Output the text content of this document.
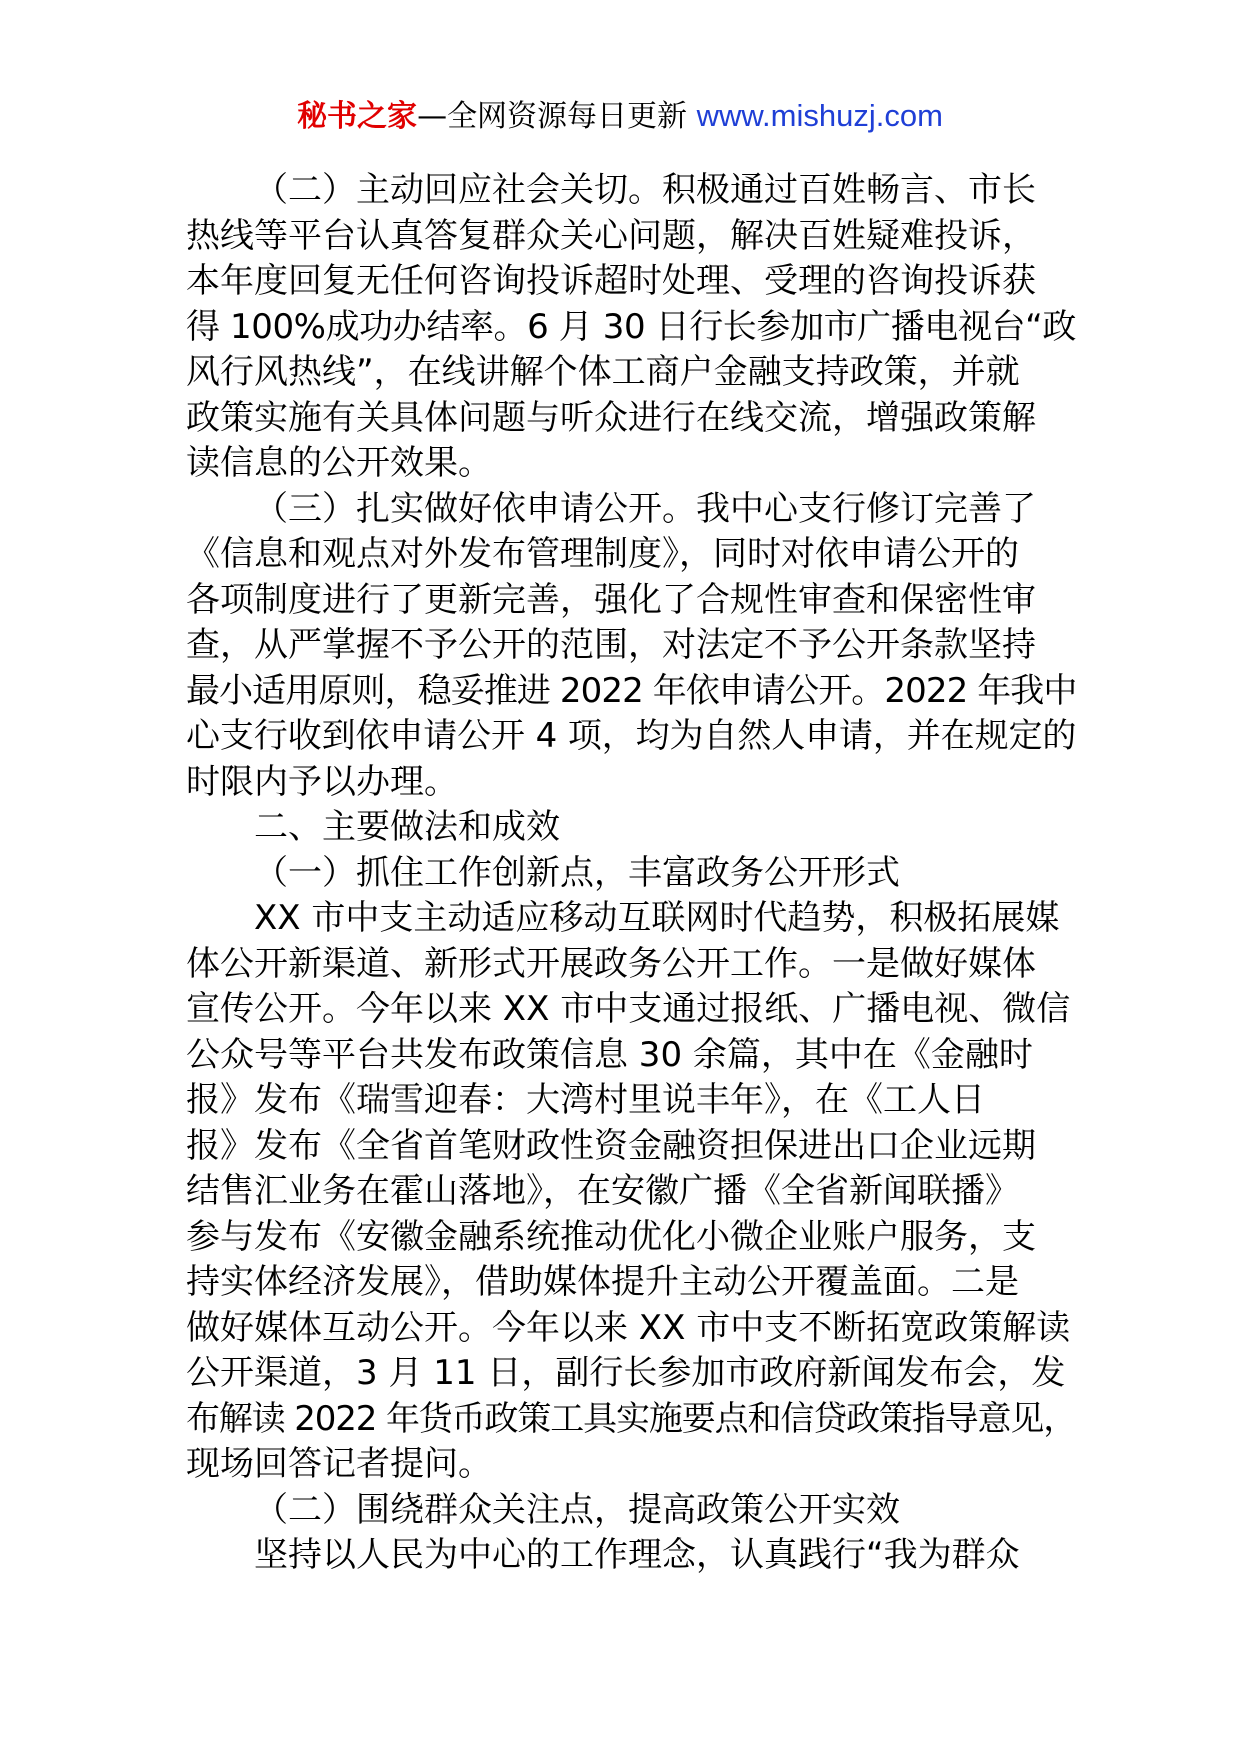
秘书之家—全网资源每日更新 www.mishuzj.com
（二）主动回应社会关切。积极通过百姓畅言、市长
热线等平台认真答复群众关心问题，解决百姓疑难投诉，
本年度回复无任何咨询投诉超时处理、受理的咨询投诉获
得 100%成功办结率。6 月 30 日行长参加市广播电视台“政
风行风热线”，在线讲解个体工商户金融支持政策，并就
政策实施有关具体问题与听众进行在线交流，增强政策解
读信息的公开效果。
（三）扎实做好依申请公开。我中心支行修订完善了
《信息和观点对外发布管理制度》，同时对依申请公开的
各项制度进行了更新完善，强化了合规性审查和保密性审
查，从严掌握不予公开的范围，对法定不予公开条款坚持
最小适用原则，稳妥推进 2022 年依申请公开。2022 年我中
心支行收到依申请公开 4 项，均为自然人申请，并在规定的
时限内予以办理。
二、主要做法和成效
（一）抓住工作创新点，丰富政务公开形式
XX 市中支主动适应移动互联网时代趋势，积极拓展媒
体公开新渠道、新形式开展政务公开工作。一是做好媒体
宣传公开。今年以来 XX 市中支通过报纸、广播电视、微信
公众号等平台共发布政策信息 30 余篇，其中在《金融时
报》发布《瑞雪迎春：大湾村里说丰年》，在《工人日
报》发布《全省首笔财政性资金融资担保进出口企业远期
结售汇业务在霍山落地》，在安徽广播《全省新闻联播》
参与发布《安徽金融系统推动优化小微企业账户服务，支
持实体经济发展》，借助媒体提升主动公开覆盖面。二是
做好媒体互动公开。今年以来 XX 市中支不断拓宽政策解读
公开渠道，3 月 11 日，副行长参加市政府新闻发布会，发
布解读 2022 年货币政策工具实施要点和信贷政策指导意见，
现场回答记者提问。
（二）围绕群众关注点，提高政策公开实效
坚持以人民为中心的工作理念，认真践行“我为群众
